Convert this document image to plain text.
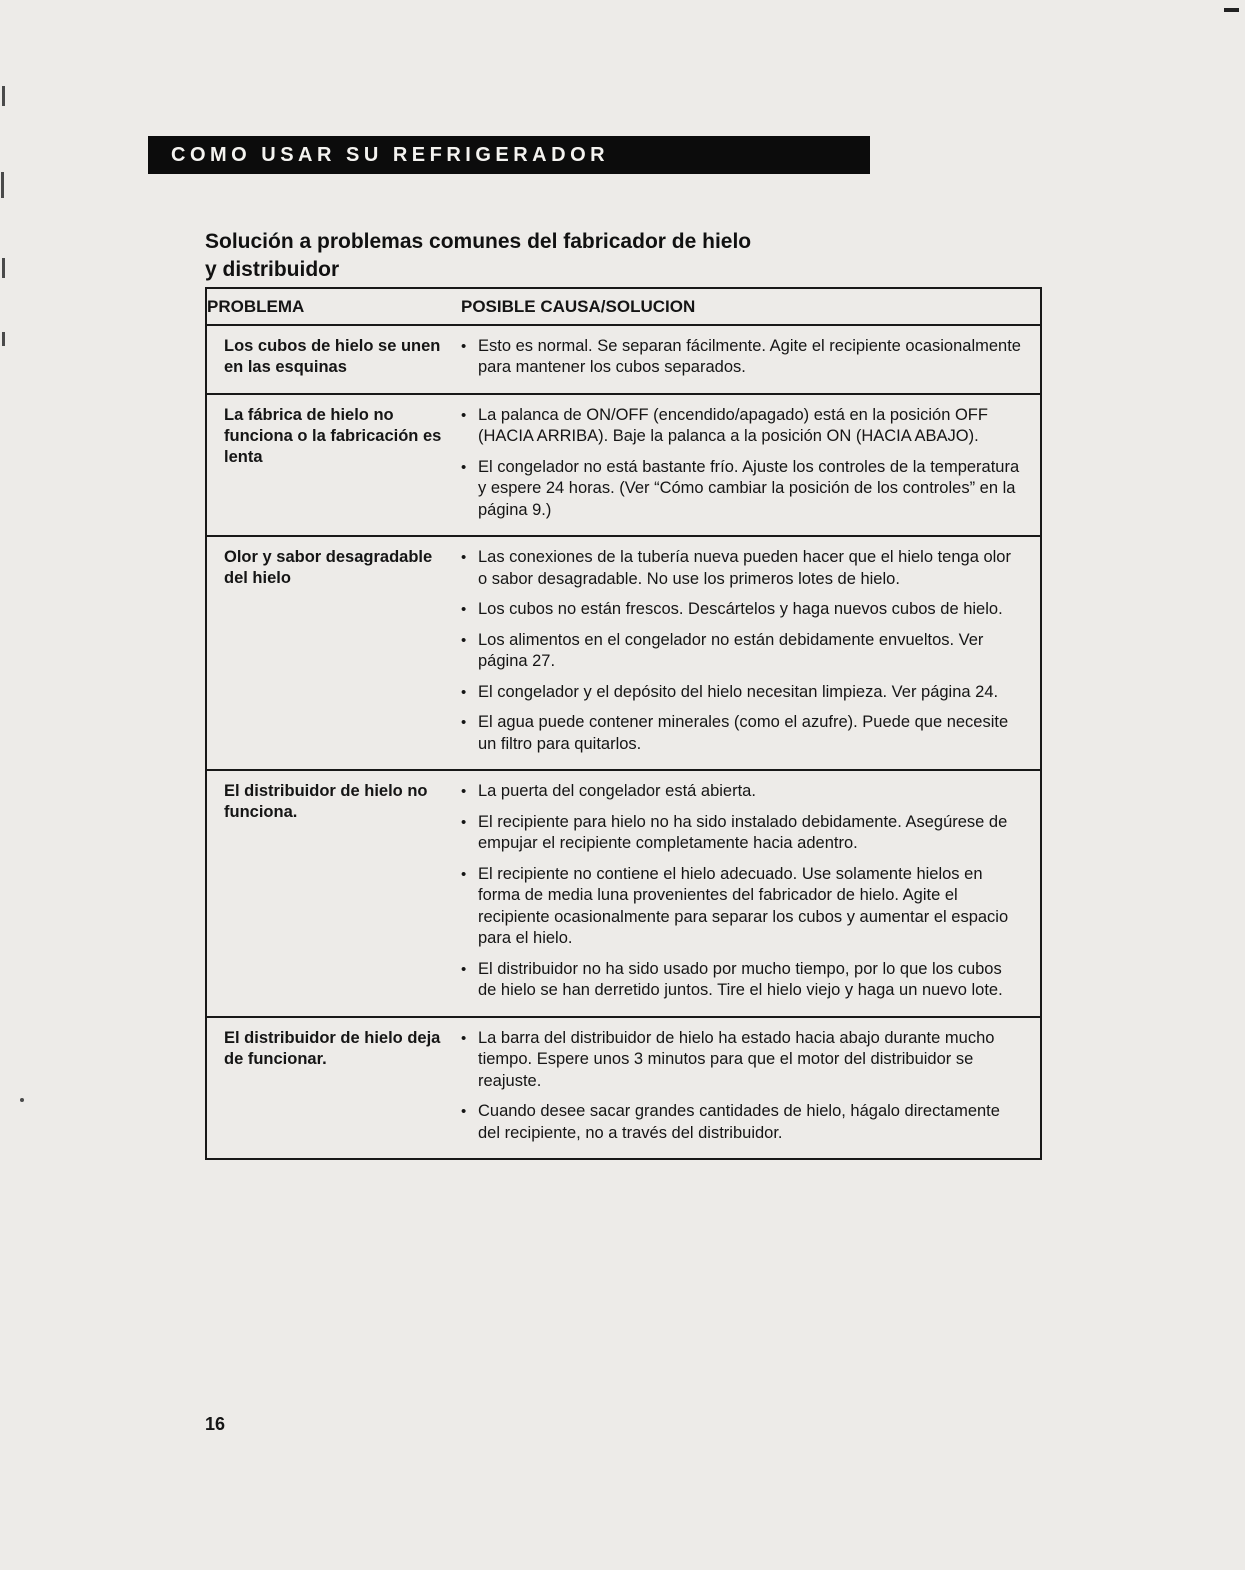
COMO USAR SU REFRIGERADOR
Solución a problemas comunes del fabricador de hielo
y distribuidor
PROBLEMA	POSIBLE CAUSA/SOLUCION
Los cubos de hielo se unen en las esquinas	• Esto es normal. Se separan fácilmente. Agite el recipiente ocasionalmente para mantener los cubos separados.

La fábrica de hielo no funciona o la fabricación es lenta	• La palanca de ON/OFF (encendido/apagado) está en la posición OFF (HACIA ARRIBA). Baje la palanca a la posición ON (HACIA ABAJO).
• El congelador no está bastante frío. Ajuste los controles de la temperatura y espere 24 horas. (Ver “Cómo cambiar la posición de los controles” en la página 9.)

Olor y sabor desagradable del hielo	
• Las conexiones de la tubería nueva pueden hacer que el hielo tenga olor o sabor desagradable. No use los primeros lotes de hielo.
• Los cubos no están frescos. Descártelos y haga nuevos cubos de hielo.
• Los alimentos en el congelador no están debidamente envueltos. Ver página 27.
• El congelador y el depósito del hielo necesitan limpieza. Ver página 24.
• El agua puede contener minerales (como el azufre). Puede que necesite un filtro para quitarlos.

El distribuidor de hielo no funciona.	
• La puerta del congelador está abierta.
• El recipiente para hielo no ha sido instalado debidamente. Asegúrese de empujar el recipiente completamente hacia adentro.
• El recipiente no contiene el hielo adecuado. Use solamente hielos en forma de media luna provenientes del fabricador de hielo. Agite el recipiente ocasionalmente para separar los cubos y aumentar el espacio para el hielo.
• El distribuidor no ha sido usado por mucho tiempo, por lo que los cubos de hielo se han derretido juntos. Tire el hielo viejo y haga un nuevo lote.

El distribuidor de hielo deja de funcionar.	• La barra del distribuidor de hielo ha estado hacia abajo durante mucho tiempo. Espere unos 3 minutos para que el motor del distribuidor se reajuste.
• Cuando desee sacar grandes cantidades de hielo, hágalo directamente del recipiente, no a través del distribuidor.
16
